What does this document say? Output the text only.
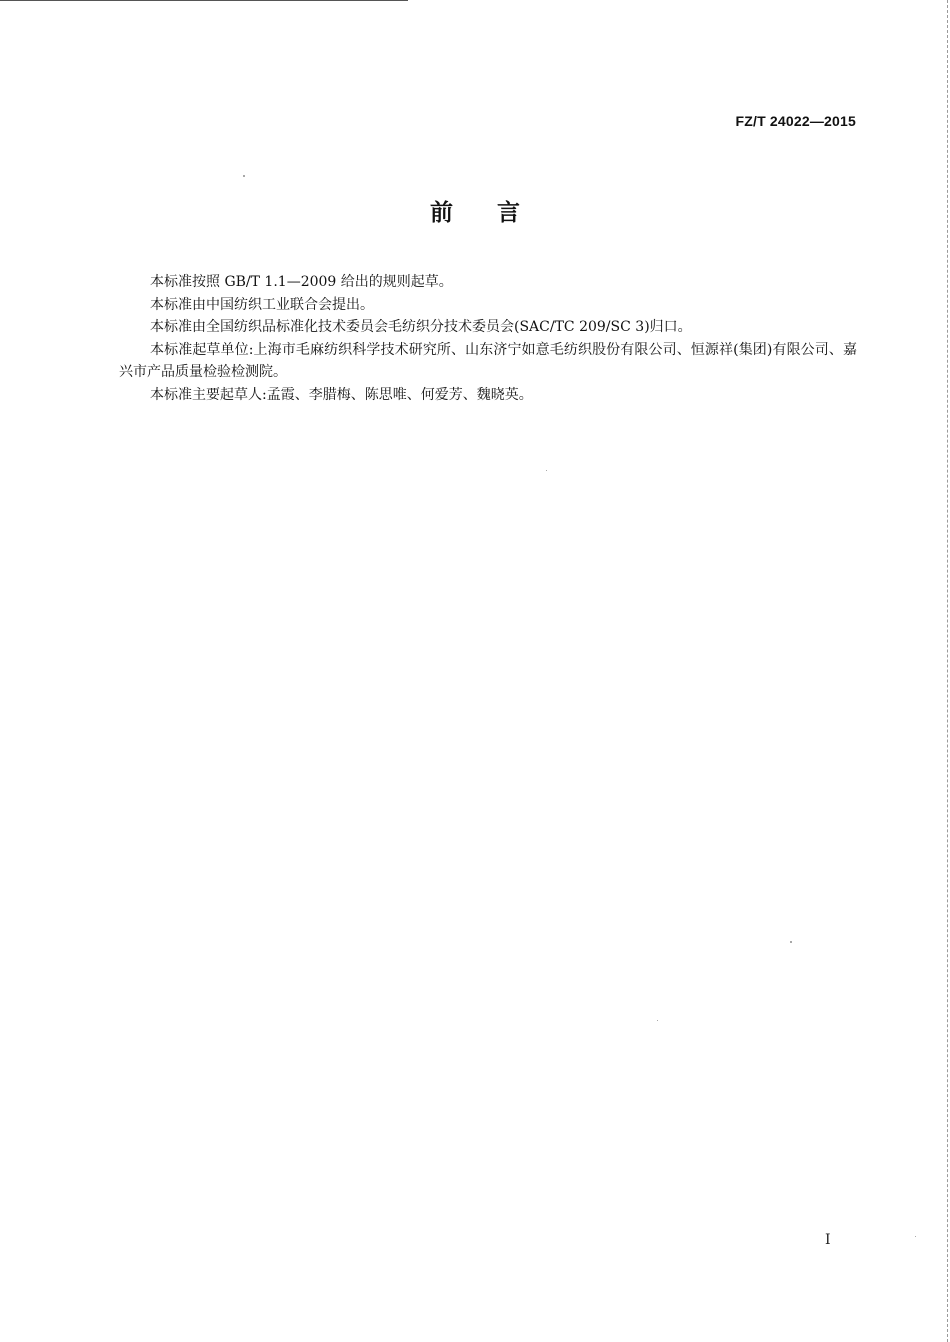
FZ/T 24022—2015
前言

本标准按照 GB/T 1.1—2009 给出的规则起草。

本标准由中国纺织工业联合会提出。

本标准由全国纺织品标准化技术委员会毛纺织分技术委员会(SAC/TC 209/SC 3)归口。

本标准起草单位:上海市毛麻纺织科学技术研究所、山东济宁如意毛纺织股份有限公司、恒源祥(集团)有限公司、嘉兴市产品质量检验检测院。

本标准主要起草人:孟霞、李腊梅、陈思唯、何爱芳、魏晓英。

I
